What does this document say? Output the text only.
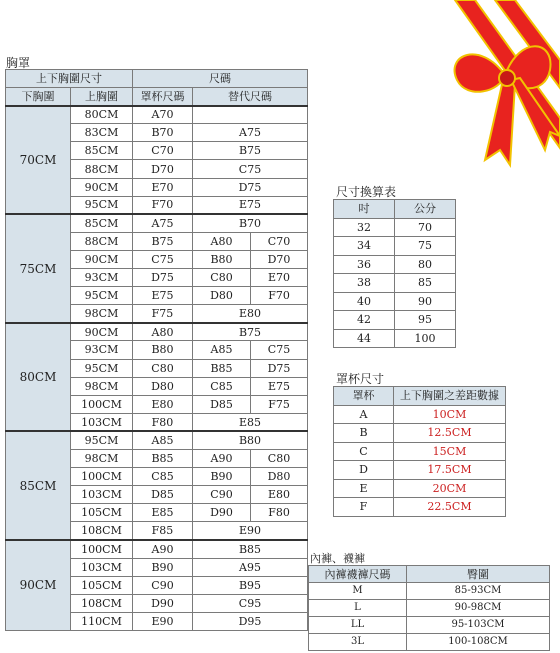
胸罩
上下胸圍尺寸		尺碼		
下胸圍	上胸圍	罩杯尺碼	替代尺碼	
70CM	80CM	A70		
	83CM	B70	A75	
	85CM	C70	B75	
	88CM	D70	C75	
	90CM	E70	D75	
	95CM	F70	E75	
75CM	85CM	A75	B70	
	88CM	B75	A80	C70
	90CM	C75	B80	D70
	93CM	D75	C80	E70
	95CM	E75	D80	F70
	98CM	F75	E80	
80CM	90CM	A80	B75	
	93CM	B80	A85	C75
	95CM	C80	B85	D75
	98CM	D80	C85	E75
	100CM	E80	D85	F75
	103CM	F80	E85	
85CM	95CM	A85	B80	
	98CM	B85	A90	C80
	100CM	C85	B90	D80
	103CM	D85	C90	E80
	105CM	E85	D90	F80
	108CM	F85	E90	
90CM	100CM	A90	B85	
	103CM	B90	A95	
	105CM	C90	B95	
	108CM	D90	C95	
	110CM	E90	D95	
尺寸換算表
吋	公分
32	70
34	75
36	80
38	85
40	90
42	95
44	100
罩杯尺寸
罩杯	上下胸圍之差距數據
A	10CM
B	12.5CM
C	15CM
D	17.5CM
E	20CM
F	22.5CM
內褲、襪褲
內褲襪褲尺碼	臀圍
M	85-93CM
L	90-98CM
LL	95-103CM
3L	100-108CM
